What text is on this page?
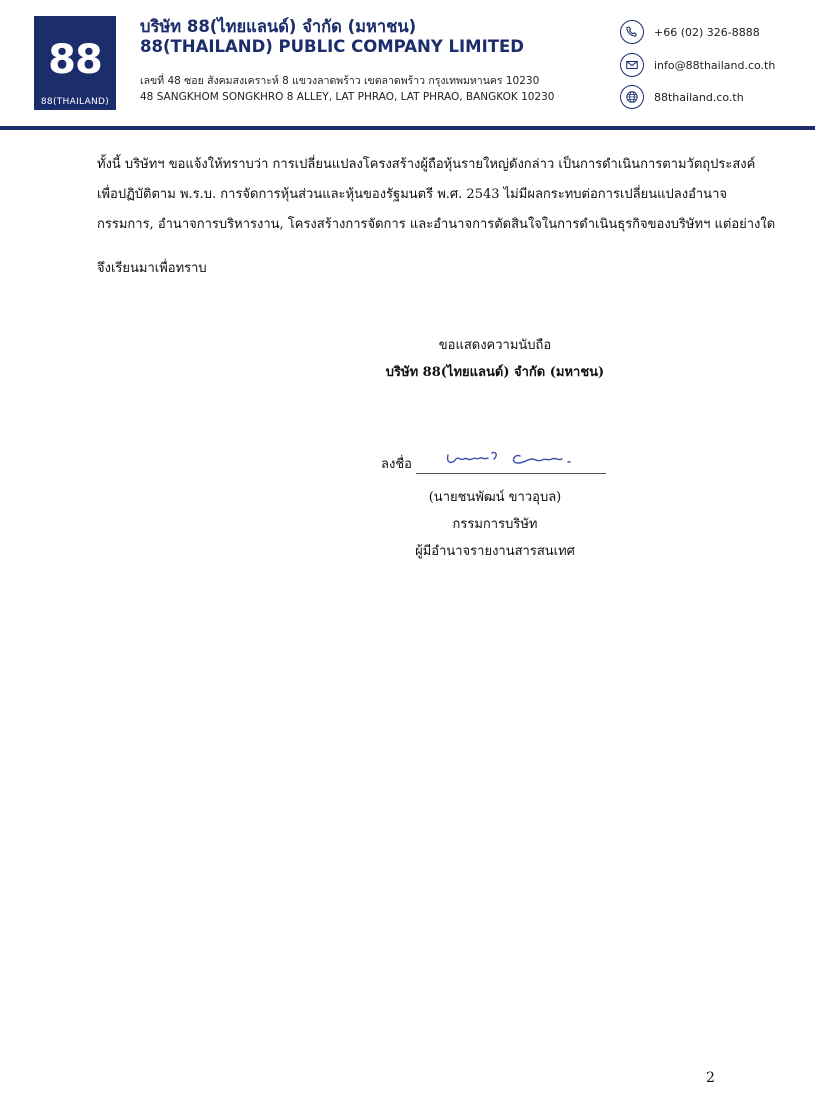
88
88(THAILAND)
บริษัท 88(ไทยแลนด์) จำกัด (มหาชน)
88(THAILAND) PUBLIC COMPANY LIMITED
เลขที่ 48 ซอย สังคมสงเคราะห์ 8 แขวงลาดพร้าว เขตลาดพร้าว กรุงเทพมหานคร 10230
48 SANGKHOM SONGKHRO 8 ALLEY, LAT PHRAO, LAT PHRAO, BANGKOK 10230
+66 (02) 326-8888
info@88thailand.co.th
88thailand.co.th
ทั้งนี้ บริษัทฯ ขอแจ้งให้ทราบว่า การเปลี่ยนแปลงโครงสร้างผู้ถือหุ้นรายใหญ่ดังกล่าว เป็นการดำเนินการตามวัตถุประสงค์
เพื่อปฏิบัติตาม พ.ร.บ. การจัดการหุ้นส่วนและหุ้นของรัฐมนตรี พ.ศ. 2543 ไม่มีผลกระทบต่อการเปลี่ยนแปลงอำนาจ
กรรมการ, อำนาจการบริหารงาน, โครงสร้างการจัดการ และอำนาจการตัดสินใจในการดำเนินธุรกิจของบริษัทฯ แต่อย่างใด
จึงเรียนมาเพื่อทราบ
ขอแสดงความนับถือ
บริษัท 88(ไทยแลนด์) จำกัด (มหาชน)
ลงชื่อ
(นายชนพัฒน์ ขาวอุบล)
กรรมการบริษัท
ผู้มีอำนาจรายงานสารสนเทศ
2
